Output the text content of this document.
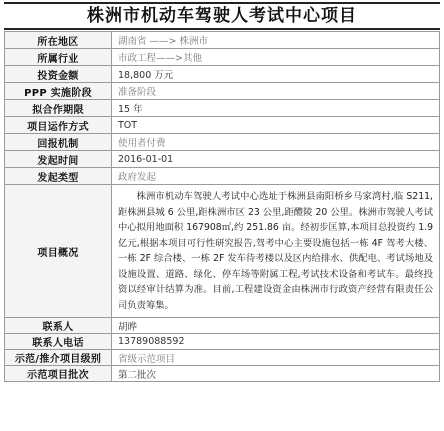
株洲市机动车驾驶人考试中心项目
所在地区	湖南省 ——> 株洲市
所属行业	市政工程——>其他
投资金额	18,800 万元
PPP 实施阶段	准备阶段
拟合作期限	15 年
项目运作方式	TOT
回报机制	使用者付费
发起时间	2016-01-01
发起类型	政府发起
项目概况	株洲市机动车驾驶人考试中心选址于株洲县南阳桥乡马家湾村,临 S211,距株洲县城 6 公里,距株洲市区 23 公里,距醴陵 20 公里。株洲市驾驶人考试中心拟用地面积 167908㎡,约 251.86 亩。经初步匡算,本项目总投资约 1.9 亿元,根据本项目可行性研究报告,驾考中心主要设施包括一栋 4F 驾考大楼、一栋 2F 综合楼、一栋 2F 发车待考楼以及区内给排水、供配电、考试场地及设施设置、道路、绿化、停车场等附属工程,考试技术设备和考试车。最终投资以经审计结算为准。目前,工程建设资金由株洲市行政资产经营有限责任公司负责筹集。
联系人	胡晔
联系人电话	13789088592
示范/推介项目级别	省级示范项目
示范项目批次	第二批次
